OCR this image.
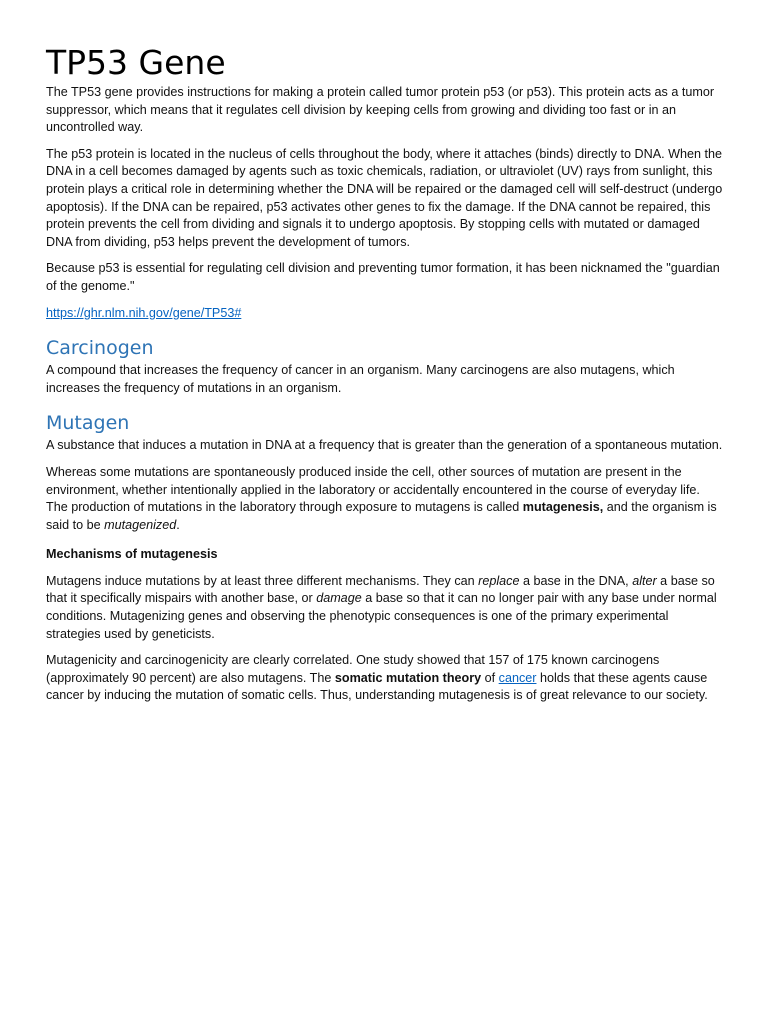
TP53 Gene

The TP53 gene provides instructions for making a protein called tumor protein p53 (or p53). This protein acts as a tumor suppressor, which means that it regulates cell division by keeping cells from growing and dividing too fast or in an uncontrolled way.

The p53 protein is located in the nucleus of cells throughout the body, where it attaches (binds) directly to DNA. When the DNA in a cell becomes damaged by agents such as toxic chemicals, radiation, or ultraviolet (UV) rays from sunlight, this protein plays a critical role in determining whether the DNA will be repaired or the damaged cell will self-destruct (undergo apoptosis). If the DNA can be repaired, p53 activates other genes to fix the damage. If the DNA cannot be repaired, this protein prevents the cell from dividing and signals it to undergo apoptosis. By stopping cells with mutated or damaged DNA from dividing, p53 helps prevent the development of tumors.

Because p53 is essential for regulating cell division and preventing tumor formation, it has been nicknamed the "guardian of the genome."

https://ghr.nlm.nih.gov/gene/TP53#

Carcinogen

A compound that increases the frequency of cancer in an organism. Many carcinogens are also mutagens, which increases the frequency of mutations in an organism.

Mutagen

A substance that induces a mutation in DNA at a frequency that is greater than the generation of a spontaneous mutation.

Whereas some mutations are spontaneously produced inside the cell, other sources of mutation are present in the environment, whether intentionally applied in the laboratory or accidentally encountered in the course of everyday life. The production of mutations in the laboratory through exposure to mutagens is called mutagenesis, and the organism is said to be mutagenized.

Mechanisms of mutagenesis

Mutagens induce mutations by at least three different mechanisms. They can replace a base in the DNA, alter a base so that it specifically mispairs with another base, or damage a base so that it can no longer pair with any base under normal conditions. Mutagenizing genes and observing the phenotypic consequences is one of the primary experimental strategies used by geneticists.

Mutagenicity and carcinogenicity are clearly correlated. One study showed that 157 of 175 known carcinogens (approximately 90 percent) are also mutagens. The somatic mutation theory of cancer holds that these agents cause cancer by inducing the mutation of somatic cells. Thus, understanding mutagenesis is of great relevance to our society.
